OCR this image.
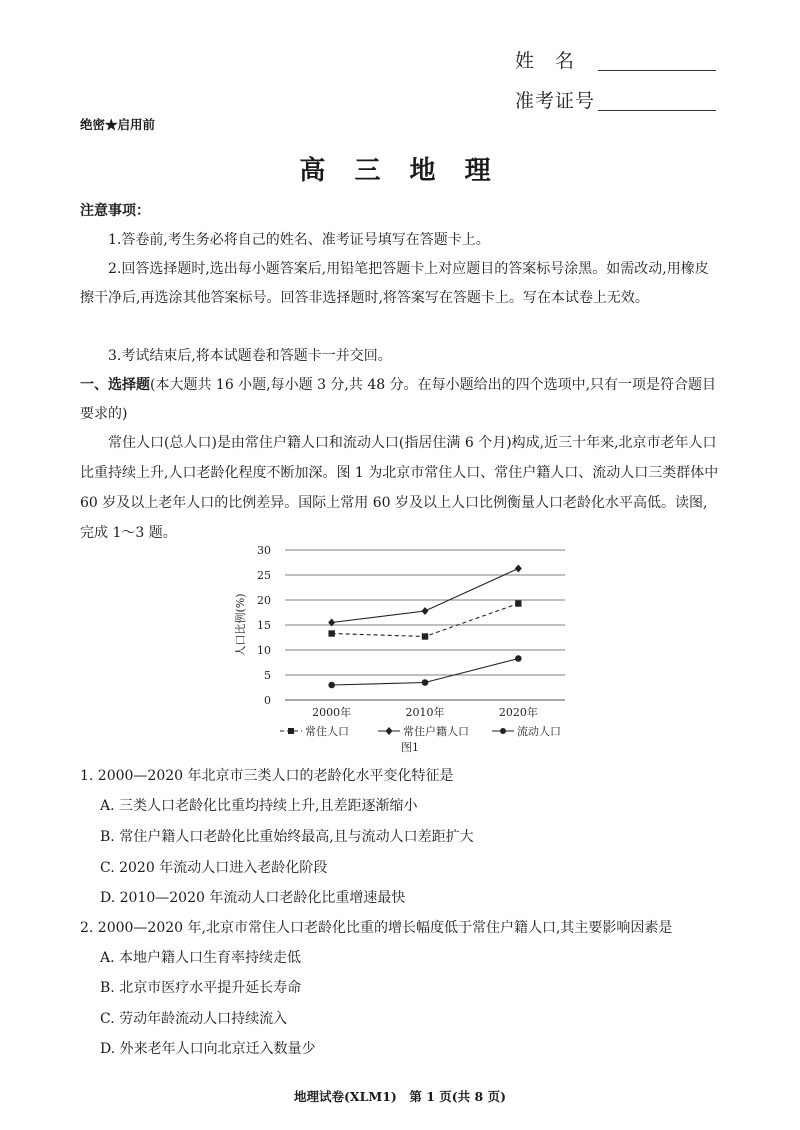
姓　名
准考证号
绝密★启用前
高 三 地 理
注意事项：
1.答卷前,考生务必将自己的姓名、准考证号填写在答题卡上。
2.回答选择题时,选出每小题答案后,用铅笔把答题卡上对应题目的答案标号涂黑。如需改动,用橡皮擦干净后,再选涂其他答案标号。回答非选择题时,将答案写在答题卡上。写在本试卷上无效。
3.考试结束后,将本试题卷和答题卡一并交回。
一、选择题(本大题共 16 小题,每小题 3 分,共 48 分。在每小题给出的四个选项中,只有一项是符合题目要求的)
常住人口(总人口)是由常住户籍人口和流动人口(指居住满 6 个月)构成,近三十年来,北京市老年人口比重持续上升,人口老龄化程度不断加深。图 1 为北京市常住人口、常住户籍人口、流动人口三类群体中 60 岁及以上老年人口的比例差异。国际上常用 60 岁及以上人口比例衡量人口老龄化水平高低。读图,完成 1～3 题。
0
5
10
15
20
25
30
人口比例(%)
2000年	2010年	2020年
常住人口	常住户籍人口	流动人口
图1
1. 2000—2020 年北京市三类人口的老龄化水平变化特征是
A. 三类人口老龄化比重均持续上升,且差距逐渐缩小
B. 常住户籍人口老龄化比重始终最高,且与流动人口差距扩大
C. 2020 年流动人口进入老龄化阶段
D. 2010—2020 年流动人口老龄化比重增速最快
2. 2000—2020 年,北京市常住人口老龄化比重的增长幅度低于常住户籍人口,其主要影响因素是
A. 本地户籍人口生育率持续走低
B. 北京市医疗水平提升延长寿命
C. 劳动年龄流动人口持续流入
D. 外来老年人口向北京迁入数量少
地理试卷(XLM1)　第 1 页(共 8 页)
